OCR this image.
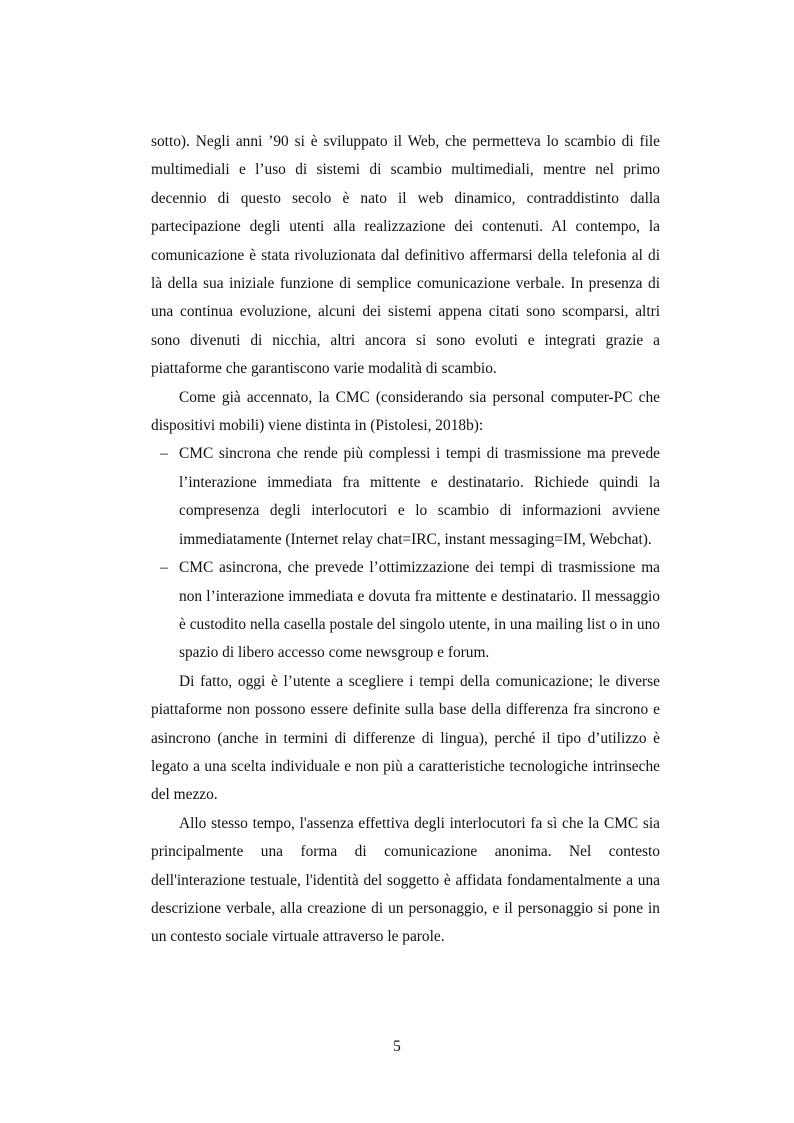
sotto). Negli anni ’90 si è sviluppato il Web, che permetteva lo scambio di file multimediali e l’uso di sistemi di scambio multimediali, mentre nel primo decennio di questo secolo è nato il web dinamico, contraddistinto dalla partecipazione degli utenti alla realizzazione dei contenuti. Al contempo, la comunicazione è stata rivoluzionata dal definitivo affermarsi della telefonia al di là della sua iniziale funzione di semplice comunicazione verbale. In presenza di una continua evoluzione, alcuni dei sistemi appena citati sono scomparsi, altri sono divenuti di nicchia, altri ancora si sono evoluti e integrati grazie a piattaforme che garantiscono varie modalità di scambio.

Come già accennato, la CMC (considerando sia personal computer-PC che dispositivi mobili) viene distinta in (Pistolesi, 2018b):

– CMC sincrona che rende più complessi i tempi di trasmissione ma prevede l’interazione immediata fra mittente e destinatario. Richiede quindi la compresenza degli interlocutori e lo scambio di informazioni avviene immediatamente (Internet relay chat=IRC, instant messaging=IM, Webchat).
– CMC asincrona, che prevede l’ottimizzazione dei tempi di trasmissione ma non l’interazione immediata e dovuta fra mittente e destinatario. Il messaggio è custodito nella casella postale del singolo utente, in una mailing list o in uno spazio di libero accesso come newsgroup e forum.

Di fatto, oggi è l’utente a scegliere i tempi della comunicazione; le diverse piattaforme non possono essere definite sulla base della differenza fra sincrono e asincrono (anche in termini di differenze di lingua), perché il tipo d’utilizzo è legato a una scelta individuale e non più a caratteristiche tecnologiche intrinseche del mezzo.

Allo stesso tempo, l'assenza effettiva degli interlocutori fa sì che la CMC sia principalmente una forma di comunicazione anonima. Nel contesto dell'interazione testuale, l'identità del soggetto è affidata fondamentalmente a una descrizione verbale, alla creazione di un personaggio, e il personaggio si pone in un contesto sociale virtuale attraverso le parole.

5
